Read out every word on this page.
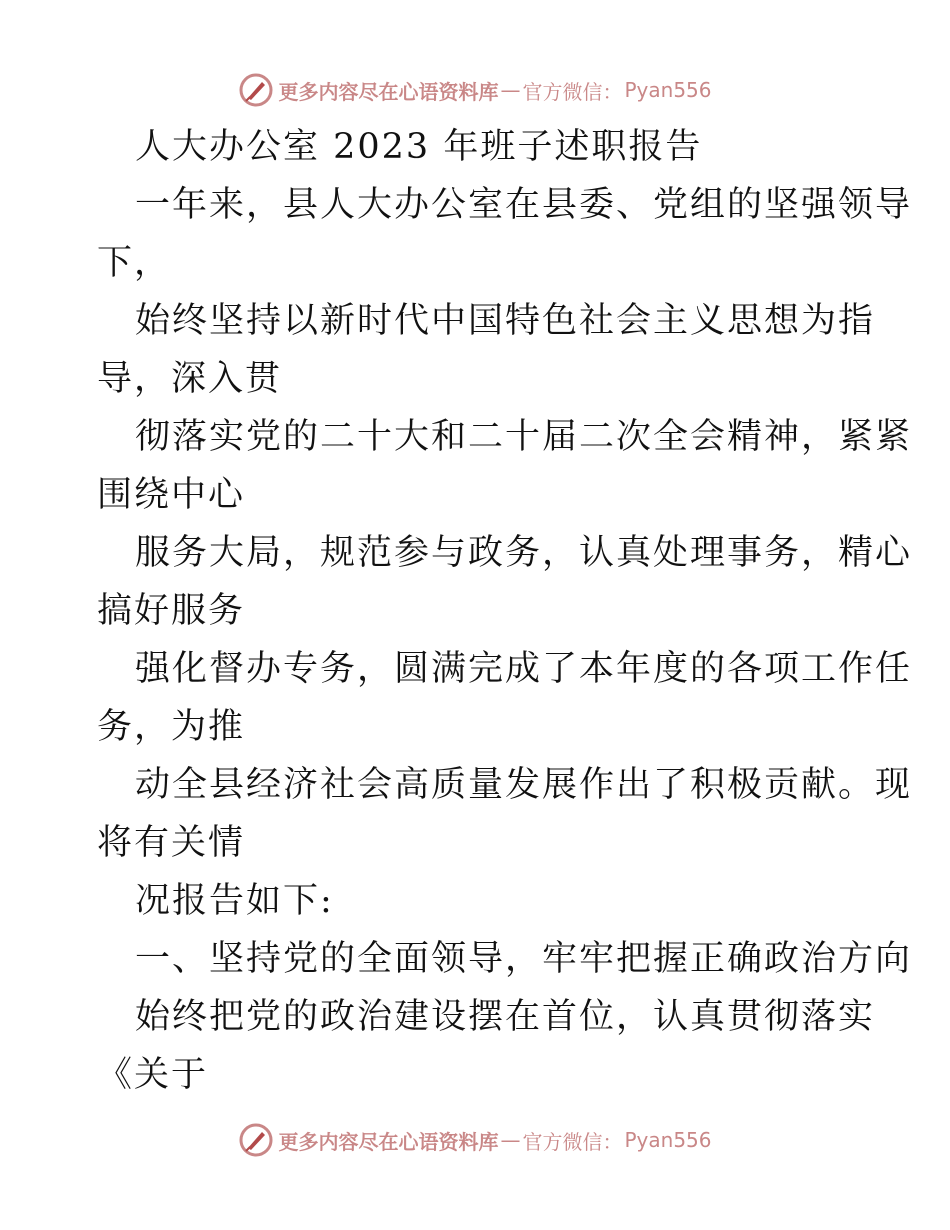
更多内容尽在心语资料库 — 官方微信： Pyan556
人大办公室 2023 年班子述职报告
一年来，县人大办公室在县委、党组的坚强领导
下，
始终坚持以新时代中国特色社会主义思想为指
导，深入贯
彻落实党的二十大和二十届二次全会精神，紧紧
围绕中心
服务大局，规范参与政务，认真处理事务，精心
搞好服务
强化督办专务，圆满完成了本年度的各项工作任
务，为推
动全县经济社会高质量发展作出了积极贡献。现
将有关情
况报告如下:
一、坚持党的全面领导，牢牢把握正确政治方向
始终把党的政治建设摆在首位，认真贯彻落实
《关于
更多内容尽在心语资料库 — 官方微信： Pyan556
